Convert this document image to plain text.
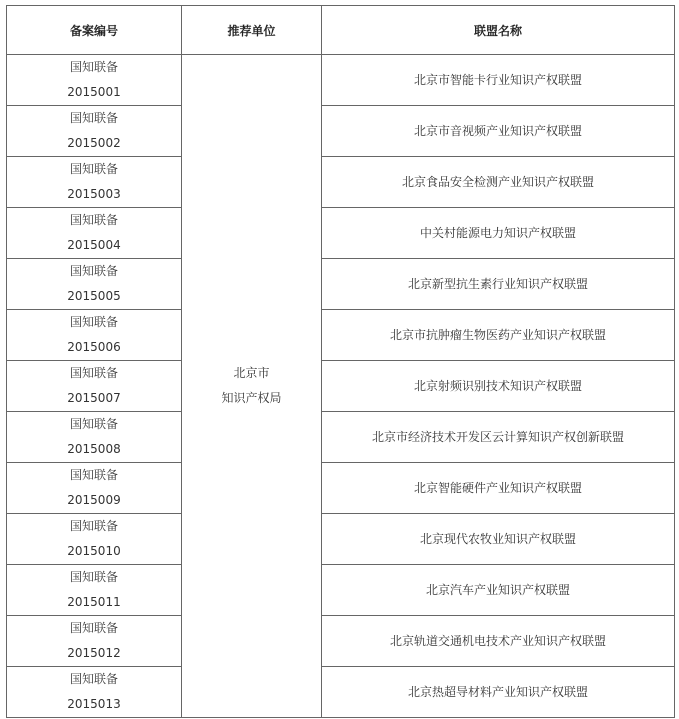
备案编号	推荐单位	联盟名称

国知联备
2015001	北京市
知识产权局	北京市智能卡行业知识产权联盟

国知联备
2015002		北京市音视频产业知识产权联盟

国知联备
2015003		北京食品安全检测产业知识产权联盟

国知联备
2015004		中关村能源电力知识产权联盟

国知联备
2015005		北京新型抗生素行业知识产权联盟

国知联备
2015006		北京市抗肿瘤生物医药产业知识产权联盟

国知联备
2015007		北京射频识别技术知识产权联盟

国知联备
2015008		北京市经济技术开发区云计算知识产权创新联盟

国知联备
2015009		北京智能硬件产业知识产权联盟

国知联备
2015010		北京现代农牧业知识产权联盟

国知联备
2015011		北京汽车产业知识产权联盟

国知联备
2015012		北京轨道交通机电技术产业知识产权联盟

国知联备
2015013		北京热超导材料产业知识产权联盟
